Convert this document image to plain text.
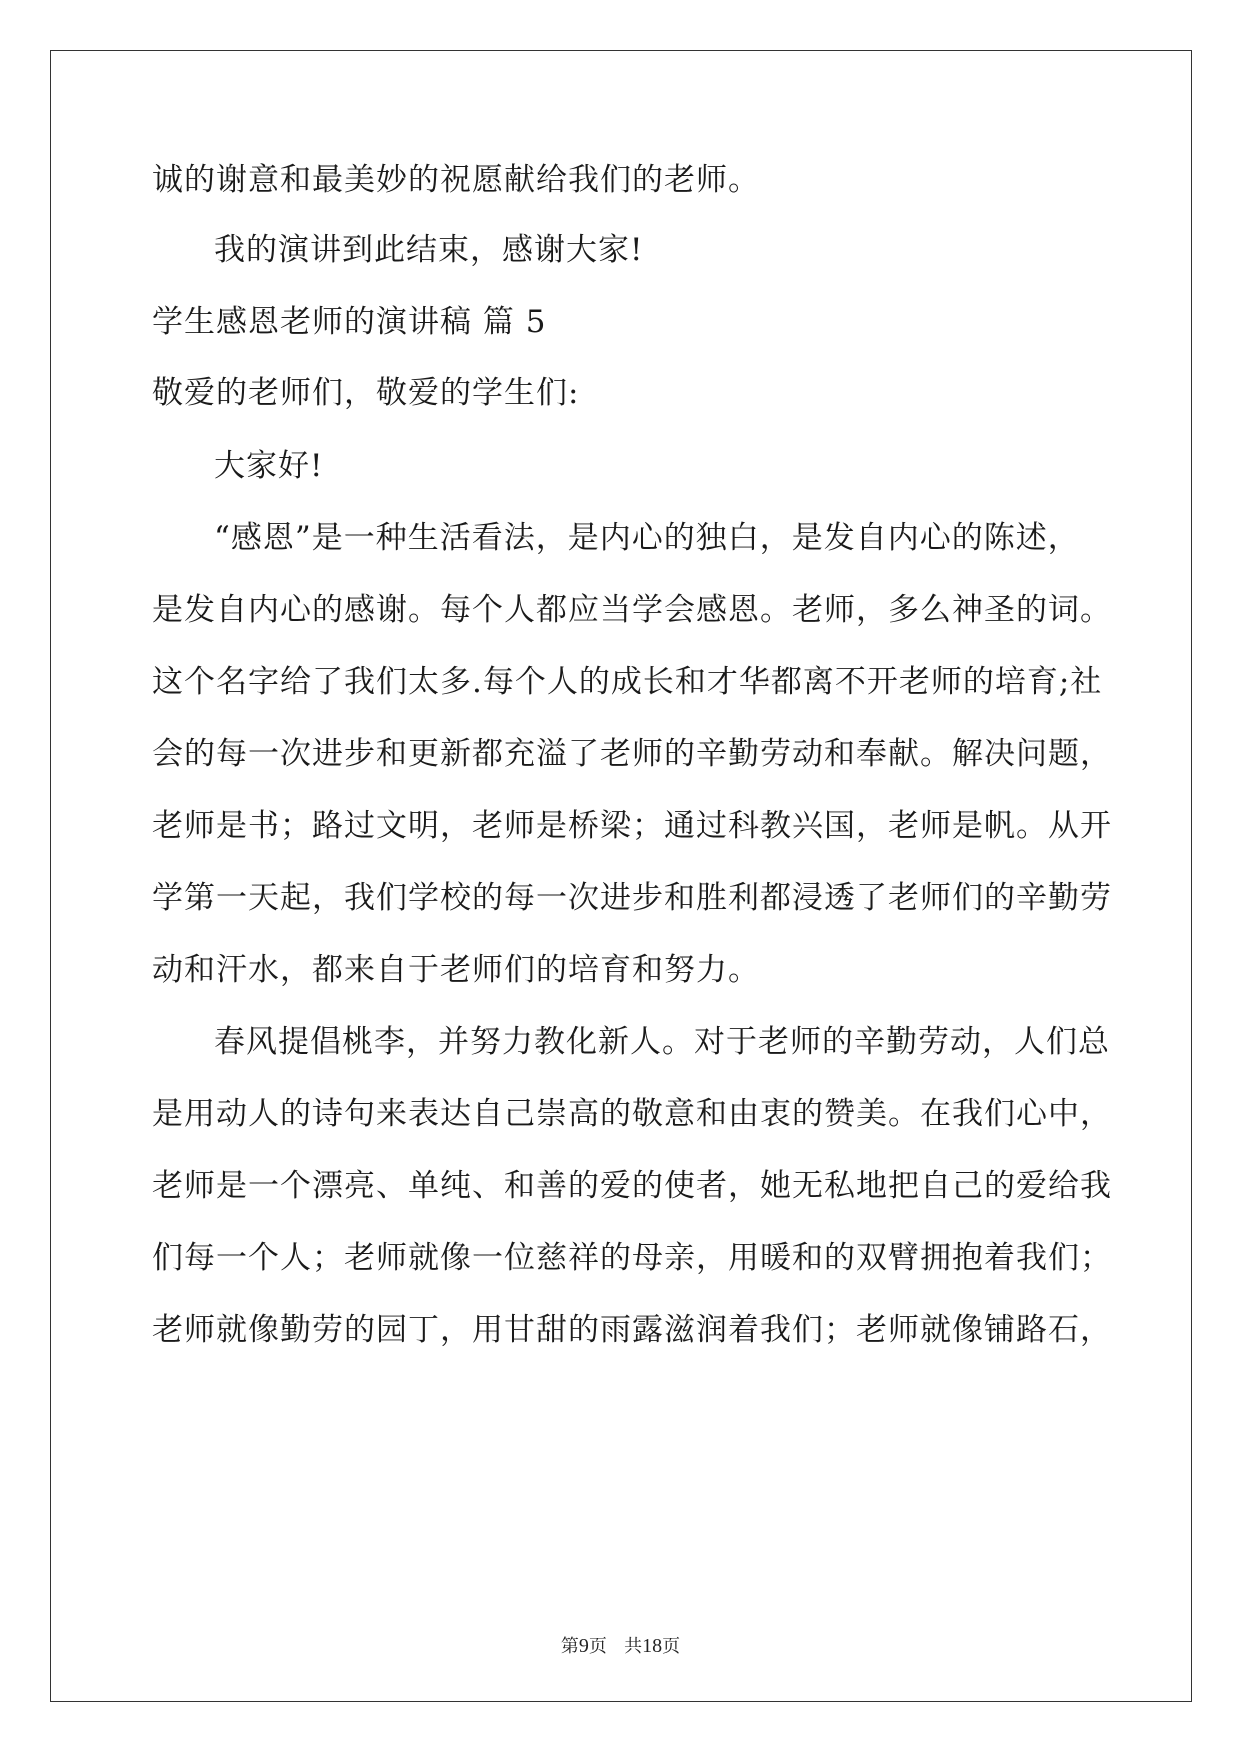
诚的谢意和最美妙的祝愿献给我们的老师。
我的演讲到此结束，感谢大家!
学生感恩老师的演讲稿 篇 5
敬爱的老师们，敬爱的学生们:
大家好!
“感恩”是一种生活看法，是内心的独白，是发自内心的陈述，
是发自内心的感谢。每个人都应当学会感恩。老师，多么神圣的词。
这个名字给了我们太多.每个人的成长和才华都离不开老师的培育;社
会的每一次进步和更新都充溢了老师的辛勤劳动和奉献。解决问题，
老师是书；路过文明，老师是桥梁；通过科教兴国，老师是帆。从开
学第一天起，我们学校的每一次进步和胜利都浸透了老师们的辛勤劳
动和汗水，都来自于老师们的培育和努力。
春风提倡桃李，并努力教化新人。对于老师的辛勤劳动，人们总
是用动人的诗句来表达自己崇高的敬意和由衷的赞美。在我们心中，
老师是一个漂亮、单纯、和善的爱的使者，她无私地把自己的爱给我
们每一个人；老师就像一位慈祥的母亲，用暖和的双臂拥抱着我们；
老师就像勤劳的园丁，用甘甜的雨露滋润着我们；老师就像铺路石，
第9页   共18页
